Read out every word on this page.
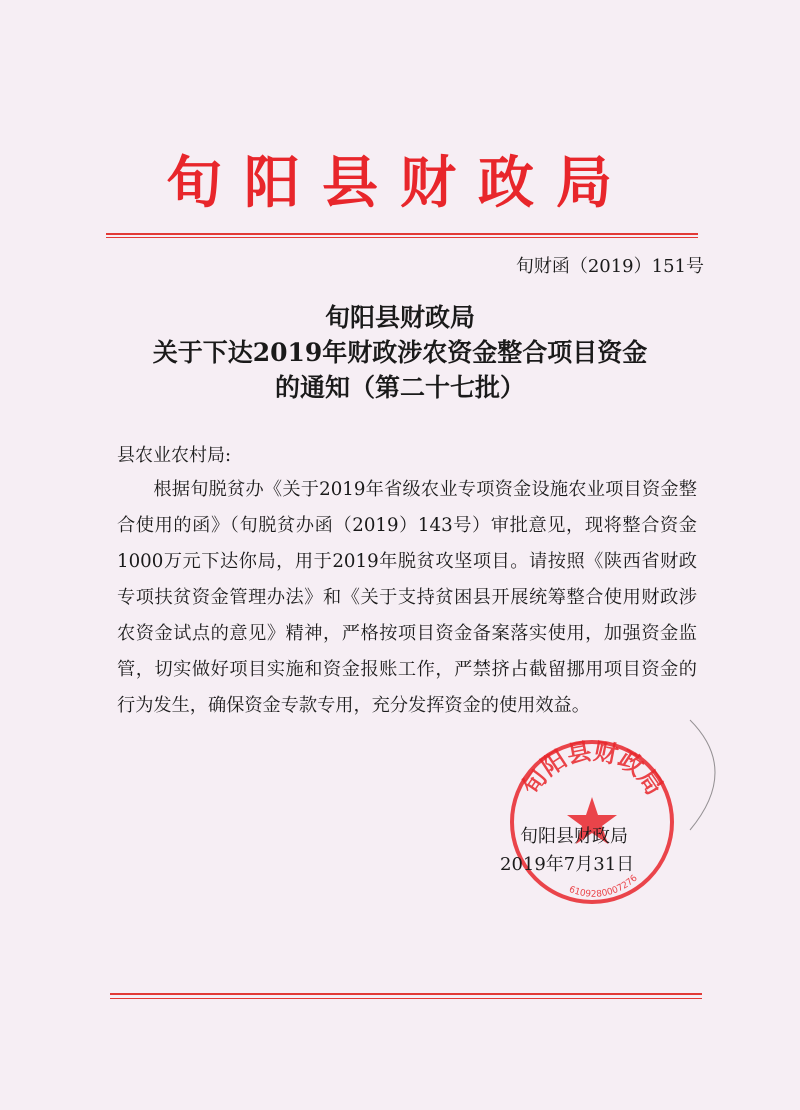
旬阳县财政局
旬财函（2019）151号
旬阳县财政局
关于下达2019年财政涉农资金整合项目资金
的通知（第二十七批）
县农业农村局:
根据旬脱贫办《关于2019年省级农业专项资金设施农业项目资金整合使用的函》（旬脱贫办函（2019）143号）审批意见，现将整合资金1000万元下达你局，用于2019年脱贫攻坚项目。请按照《陕西省财政专项扶贫资金管理办法》和《关于支持贫困县开展统筹整合使用财政涉农资金试点的意见》精神，严格按项目资金备案落实使用，加强资金监管，切实做好项目实施和资金报账工作，严禁挤占截留挪用项目资金的行为发生，确保资金专款专用，充分发挥资金的使用效益。
旬阳县财政局
6109280007276
旬阳县财政局
2019年7月31日
